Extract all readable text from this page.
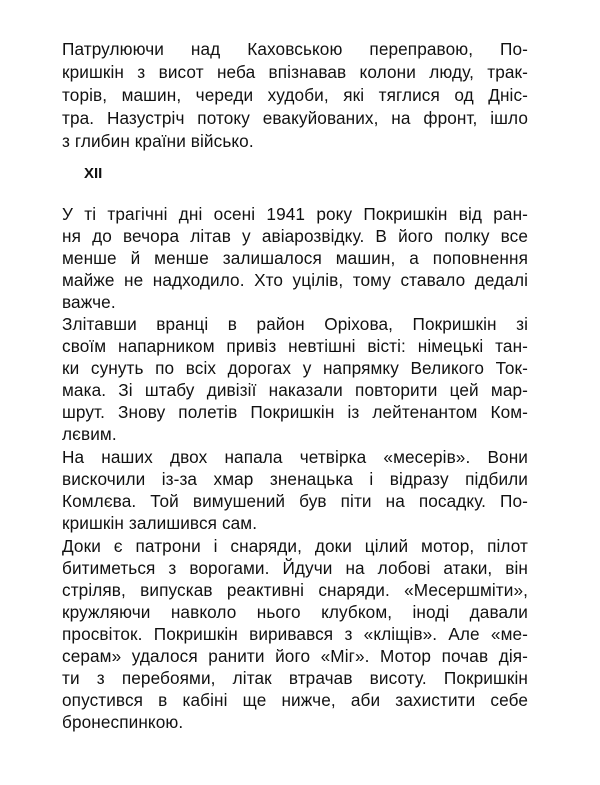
Патрулюючи над Каховською переправою, По-
кришкін з висот неба впізнавав колони люду, трак-
торів, машин, череди худоби, які тяглися од Дніс-
тра. Назустріч потоку евакуйованих, на фронт, ішло
з глибин країни військо.
XII
У ті трагічні дні осені 1941 року Покришкін від ран-
ня до вечора літав у авіарозвідку. В його полку все
менше й менше залишалося машин, а поповнення
майже не надходило. Хто уцілів, тому ставало дедалі
важче.
Злітавши вранці в район Оріхова, Покришкін зі
своїм напарником привіз невтішні вісті: німецькі тан-
ки сунуть по всіх дорогах у напрямку Великого Ток-
мака. Зі штабу дивізії наказали повторити цей мар-
шрут. Знову полетів Покришкін із лейтенантом Ком-
лєвим.
На наших двох напала четвірка «месерів». Вони
вискочили із-за хмар зненацька і відразу підбили
Комлєва. Той вимушений був піти на посадку. По-
кришкін залишився сам.
Доки є патрони і снаряди, доки цілий мотор, пілот
битиметься з ворогами. Йдучи на лобові атаки, він
стріляв, випускав реактивні снаряди. «Месершміти»,
кружляючи навколо нього клубком, іноді давали
просвіток. Покришкін виривався з «кліщів». Але «ме-
серам» удалося ранити його «Міг». Мотор почав дія-
ти з перебоями, літак втрачав висоту. Покришкін
опустився в кабіні ще нижче, аби захистити себе
бронеспинкою.
